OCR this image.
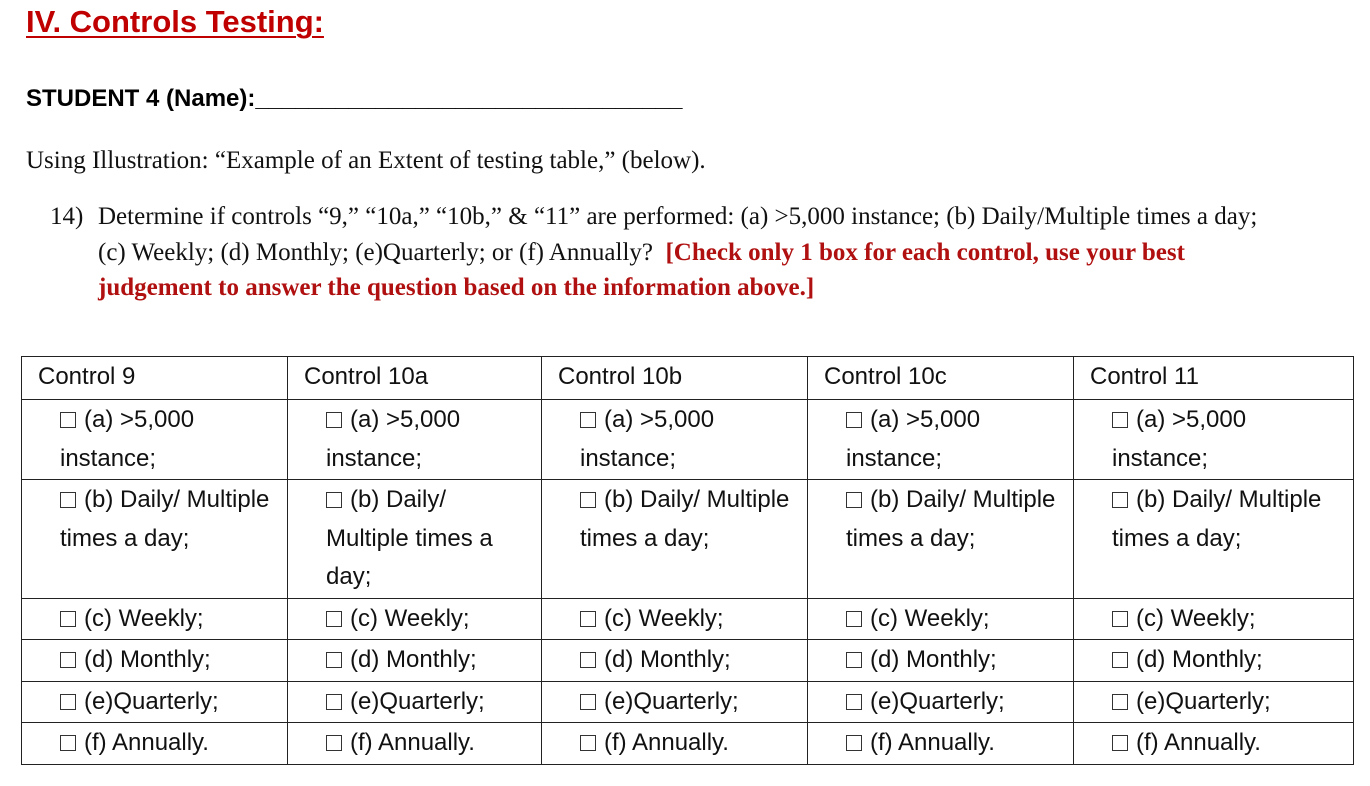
IV. Controls Testing:

STUDENT 4 (Name):________________________________

Using Illustration: “Example of an Extent of testing table,” (below).

14) Determine if controls “9,” “10a,” “10b,” & “11” are performed: (a) >5,000 instance; (b) Daily/Multiple times a day; (c) Weekly; (d) Monthly; (e)Quarterly; or (f) Annually? [Check only 1 box for each control, use your best judgement to answer the question based on the information above.]
Control 9	Control 10a	Control 10b	Control 10c	Control 11
(a) >5,000 instance;	(a) >5,000 instance;	(a) >5,000 instance;	(a) >5,000 instance;	(a) >5,000 instance;
(b) Daily/ Multiple times a day;	(b) Daily/ Multiple times a day;	(b) Daily/ Multiple times a day;	(b) Daily/ Multiple times a day;	(b) Daily/ Multiple times a day;
(c) Weekly;	(c) Weekly;	(c) Weekly;	(c) Weekly;	(c) Weekly;
(d) Monthly;	(d) Monthly;	(d) Monthly;	(d) Monthly;	(d) Monthly;
(e)Quarterly;	(e)Quarterly;	(e)Quarterly;	(e)Quarterly;	(e)Quarterly;
(f) Annually.	(f) Annually.	(f) Annually.	(f) Annually.	(f) Annually.
